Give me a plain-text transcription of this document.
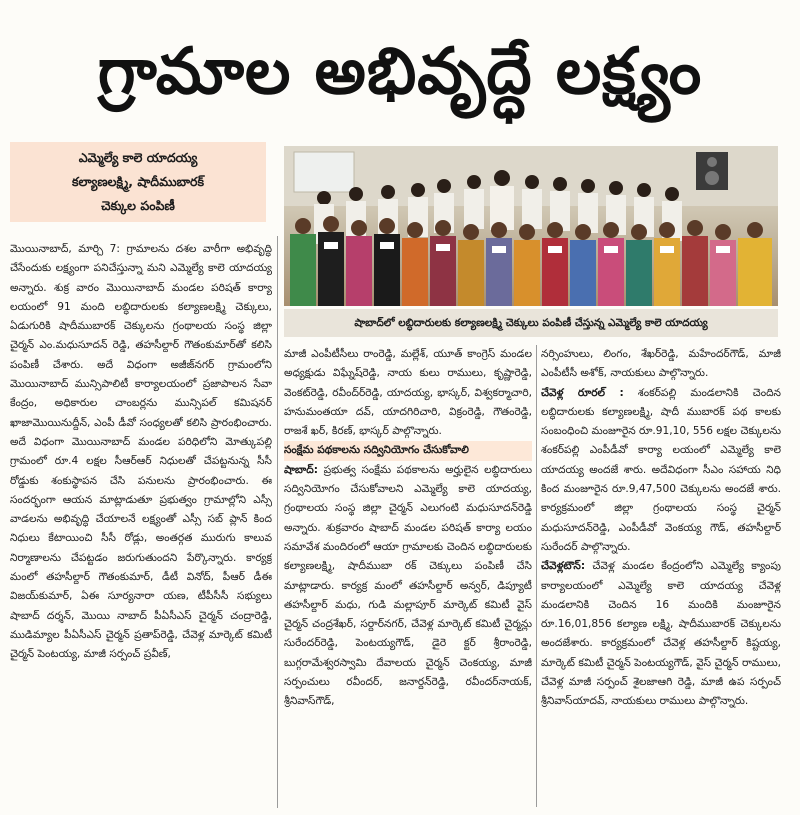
గ్రామాల అభివృద్ధే లక్ష్యం
ఎమ్మెల్యే కాలె యాదయ్య
కల్యాణలక్ష్మి, షాదీముబారక్
చెక్కుల పంపిణీ
షాబాద్‌లో లబ్ధిదారులకు కల్యాణలక్ష్మి చెక్కులు పంపిణీ చేస్తున్న ఎమ్మెల్యే కాలె యాదయ్య

మొయినాబాద్, మార్చి 7: గ్రామాలను దశల వారీగా అభివృద్ధి చేసేందుకు లక్ష్యంగా పనిచేస్తున్నా మని ఎమ్మెల్యే కాలె యాదయ్య అన్నారు. శుక్ర వారం మొయినాబాద్ మండల పరిషత్ కార్యా లయంలో 91 మంది లబ్ధిదారులకు కల్యాణలక్ష్మి చెక్కులు, ఏడుగురికి షాదీముబారక్ చెక్కులను గ్రంథాలయ సంస్థ జిల్లా చైర్మన్ ఎం.మధుసూదన్ రెడ్డి, తహసీల్దార్ గౌతంకుమార్‌తో కలిసి పంపిణీ చేశారు. అదే విధంగా అజీజ్‌నగర్ గ్రామంలోని మొయినాబాద్ మున్సిపాలిటీ కార్యాలయంలో ప్రజాపాలన సేవా కేంద్రం, అధికారుల చాంబర్లను మున్సిపల్ కమిషనర్ ఖాజామొయినుద్దీన్, ఎంపీ డీవో సంధ్యలతో కలిసి ప్రారంభించారు. అదే విధంగా మొయినాబాద్ మండల పరిధిలోని మోత్కుపల్లి గ్రామంలో రూ.4 లక్షల సీఆర్ఆర్ నిధులతో చేపట్టనున్న సీసీ రోడ్డుకు శంకుస్థాపన చేసి పనులను ప్రారంభించారు. ఈ సందర్భంగా ఆయన మాట్లాడుతూ ప్రభుత్వం గ్రామాల్లోని ఎస్సీ వాడలను అభివృద్ధి చేయాలనే లక్ష్యంతో ఎస్సీ సబ్ ప్లాన్ కింద నిధులు కేటాయించి సీసీ రోడ్లు, అంతర్గత మురుగు కాలువ నిర్మాణాలను చేపట్టడం జరుగుతుందని పేర్కొన్నారు. కార్యక్ర మంలో తహసీల్దార్ గౌతంకుమార్, డీటీ వినోద్, పీఆర్ డీఈ విజయ్‌కుమార్, ఏఈ సూర్యనారా యణ, టీపీసీసీ సభ్యులు షాబాద్ దర్శన్, మొయి నాబాద్ పీఏసీఎస్ చైర్మన్ చంద్రారెడ్డి, ముడిమ్యాల పీఏసీఎస్ చైర్మన్ ప్రతాప్‌రెడ్డి, చేవెళ్ల మార్కెట్ కమిటీ చైర్మన్ పెంటయ్య, మాజీ సర్పంచ్ ప్రవీణ్,

మాజీ ఎంపీటీసీలు రాంరెడ్డి, మల్లేశ్, యూత్ కాంగ్రెస్ మండల అధ్యక్షుడు విఘ్నేష్‌రెడ్డి, నాయ కులు రాములు, కృష్ణారెడ్డి, వెంకట్‌రెడ్డి, రవీంద్‌ర్‌రెడ్డి, యాదయ్య, భాస్కర్, విశ్వకర్మాచారి, హనుమంతయా దవ్, యాదగిరిచారి, విక్రంరెడ్డి, గౌతంరెడ్డి, రాజశే ఖర్, కిరణ్, భాస్కర్ పాల్గొన్నారు.

సంక్షేమ పథకాలను సద్వినియోగం చేసుకోవాలి

షాబాద్: ప్రభుత్వ సంక్షేమ పథకాలను అర్హులైన లబ్ధిదారులు సద్వినియోగం చేసుకోవాలని ఎమ్మెల్యే కాలె యాదయ్య, గ్రంథాలయ సంస్థ జిల్లా చైర్మన్ ఎలుగంటి మధుసూదన్‌రెడ్డి అన్నారు. శుక్రవారం షాబాద్ మండల పరిషత్ కార్యా లయం సమావేశ మందిరంలో ఆయా గ్రామాలకు చెందిన లబ్ధిదారులకు కల్యాణలక్ష్మి, షాదీముబా రక్ చెక్కులు పంపిణీ చేసి మాట్లాడారు. కార్యక్ర మంలో తహసీల్దార్ అన్వర్, డిప్యూటీ తహసీల్దార్ మధు, గుడి మల్లాపూర్ మార్కెట్ కమిటీ వైస్ చైర్మన్ చంద్రశేఖర్, సర్దార్‌నగర్, చేవెళ్ల మార్కెట్ కమిటీ చైర్మన్లు సురేందర్‌రెడ్డి, పెంటయ్యగౌడ్, డైరె క్టర్ శ్రీరాంరెడ్డి, బుగ్గరామేశ్వరస్వామి దేవాలయ చైర్మన్ చెంకయ్య, మాజీ సర్పంచులు రవీందర్, జనార్దన్‌రెడ్డి, రవీందర్‌నాయక్, శ్రీనివాస్‌గౌడ్,

నర్సింహులు, లింగం, శేఖర్‌రెడ్డి, మహేందర్‌గౌడ్, మాజీ ఎంపీటీసీ అశోక్, నాయకులు పాల్గొన్నారు.

చేవెళ్ల రూరల్ : శంకర్‌పల్లి మండలానికి చెందిన లబ్ధిదారులకు కల్యాణలక్ష్మి, షాదీ ముబారక్ పథ కాలకు సంబంధించి మంజూరైన రూ.91,10, 556 లక్షల చెక్కులను శంకర్‌పల్లి ఎంపీడీవో కార్యా లయంలో ఎమ్మెల్యే కాలె యాదయ్య అందజే శారు. అదేవిధంగా సీఎం సహాయ నిధి కింద మంజూరైన రూ.9,47,500 చెక్కులను అందజే శారు. కార్యక్రమంలో జిల్లా గ్రంథాలయ సంస్థ చైర్మన్ మధుసూదన్‌రెడ్డి, ఎంపీడీవో వెంకయ్య గౌడ్, తహసీల్దార్ సురేందర్ పాల్గొన్నారు.

చేవెళ్లటౌన్: చేవెళ్ల మండల కేంద్రంలోని ఎమ్మెల్యే క్యాంపు కార్యాలయంలో ఎమ్మెల్యే కాలె యాదయ్య చేవెళ్ల మండలానికి చెందిన 16 మందికి మంజూరైన రూ.16,01,856 కల్యాణ లక్ష్మి, షాదీముబారక్ చెక్కులను అందజేశారు. కార్యక్రమంలో చేవెళ్ల తహసీల్దార్ కిష్టయ్య, మార్కెట్ కమిటీ చైర్మన్ పెంటయ్యగౌడ్, వైస్ చైర్మన్ రాములు, చేవెళ్ల మాజీ సర్పంచ్ శైలజాఆగి రెడ్డి, మాజీ ఉప సర్పంచ్ శ్రీనివాస్‌యాదవ్, నాయకులు రాములు పాల్గొన్నారు.
